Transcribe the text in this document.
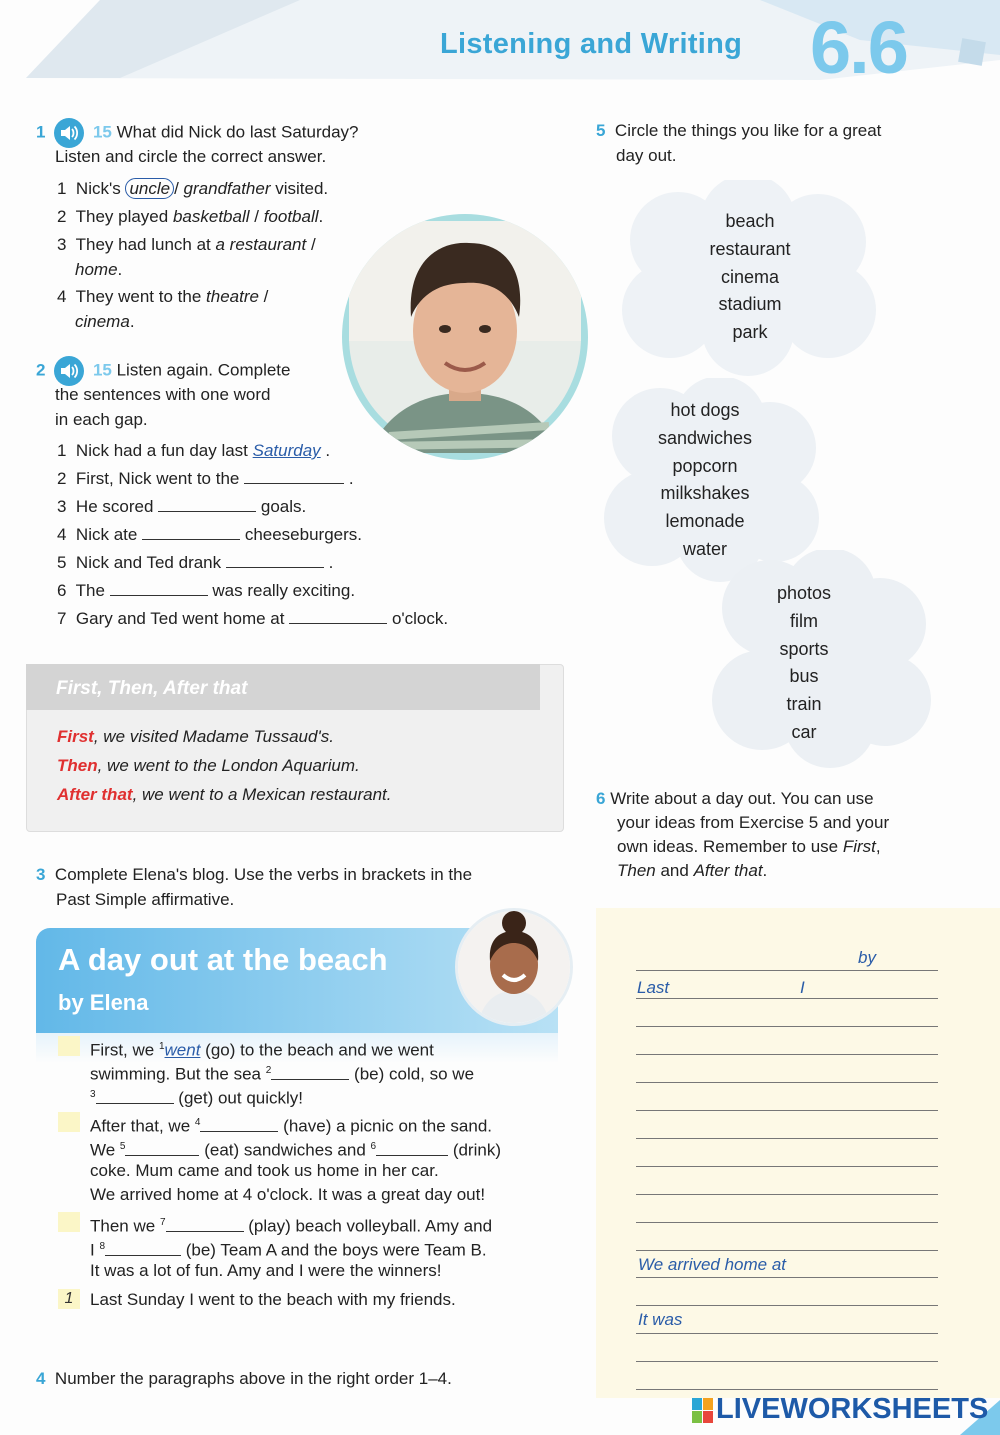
Listening and Writing 6.6
1	15 What did Nick do last Saturday?
Listen and circle the correct answer.
1 Nick's uncle / grandfather visited.
2 They played basketball / football.
3 They had lunch at a restaurant /
home.
4 They went to the theatre /
cinema.
2	15 Listen again. Complete
the sentences with one word
in each gap.
1 Nick had a fun day last Saturday .
2 First, Nick went to the	.
3 He scored	goals.
4 Nick ate	cheeseburgers.
5 Nick and Ted drank	.
6 The	was really exciting.
7 Gary and Ted went home at	o'clock.
First, Then, After that
First, we visited Madame Tussaud's.
Then, we went to the London Aquarium.
After that, we went to a Mexican restaurant.
3 Complete Elena's blog. Use the verbs in brackets in the
Past Simple affirmative.
A day out at the beach
by Elena
First, we $^1$went (go) to the beach and we went
swimming. But the sea $^2$	(be) cold, so we
$^3$	(get) out quickly!
After that, we $^4$	(have) a picnic on the sand.
We $^5$	(eat) sandwiches and $^6$	(drink)
coke. Mum came and took us home in her car.
We arrived home at 4 o'clock. It was a great day out!
Then we $^7$	(play) beach volleyball. Amy and
I $^8$	(be) Team A and the boys were Team B.
It was a lot of fun. Amy and I were the winners!
1 Last Sunday I went to the beach with my friends.
4 Number the paragraphs above in the right order 1–4.
5 Circle the things you like for a great
day out.
beach
restaurant
cinema
stadium
park
hot dogs
sandwiches
popcorn
milkshakes
lemonade
water
photos
film
sports
bus
train
car
6 Write about a day out. You can use
your ideas from Exercise 5 and your
own ideas. Remember to use First,
Then and After that.
by
Last	I
We arrived home at
It was
LIVEWORKSHEETS
